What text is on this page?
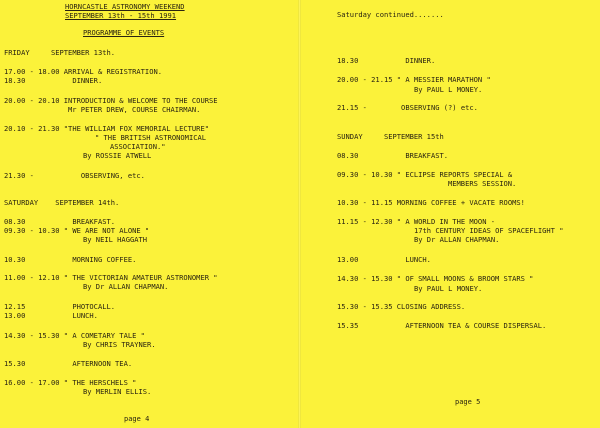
HORNCASTLE ASTRONOMY WEEKEND
SEPTEMBER 13th - 15th 1991
PROGRAMME OF EVENTS
FRIDAY     SEPTEMBER 13th.
17.00 - 18.00 ARRIVAL & REGISTRATION.
18.30           DINNER.
20.00 - 20.10 INTRODUCTION & WELCOME TO THE COURSE
Mr PETER DREW, COURSE CHAIRMAN.
20.10 - 21.30 "THE WILLIAM FOX MEMORIAL LECTURE"
" THE BRITISH ASTRONOMICAL
ASSOCIATION."
By ROSSIE ATWELL
21.30 -           OBSERVING, etc.
SATURDAY    SEPTEMBER 14th.
08.30           BREAKFAST.
09.30 - 10.30 " WE ARE NOT ALONE "
By NEIL HAGGATH
10.30           MORNING COFFEE.
11.00 - 12.10 " THE VICTORIAN AMATEUR ASTRONOMER "
By Dr ALLAN CHAPMAN.
12.15           PHOTOCALL.
13.00           LUNCH.
14.30 - 15.30 " A COMETARY TALE "
By CHRIS TRAYNER.
15.30           AFTERNOON TEA.
16.00 - 17.00 " THE HERSCHELS "
By MERLIN ELLIS.
page 4
Saturday continued.......
18.30           DINNER.
20.00 - 21.15 " A MESSIER MARATHON "
By PAUL L MONEY.
21.15 -        OBSERVING (?) etc.
SUNDAY     SEPTEMBER 15th
08.30           BREAKFAST.
09.30 - 10.30 " ECLIPSE REPORTS SPECIAL &
MEMBERS SESSION.
10.30 - 11.15 MORNING COFFEE + VACATE ROOMS!
11.15 - 12.30 " A WORLD IN THE MOON -
17th CENTURY IDEAS OF SPACEFLIGHT "
By Dr ALLAN CHAPMAN.
13.00           LUNCH.
14.30 - 15.30 " OF SMALL MOONS & BROOM STARS "
By PAUL L MONEY.
15.30 - 15.35 CLOSING ADDRESS.
15.35           AFTERNOON TEA & COURSE DISPERSAL.
page 5
